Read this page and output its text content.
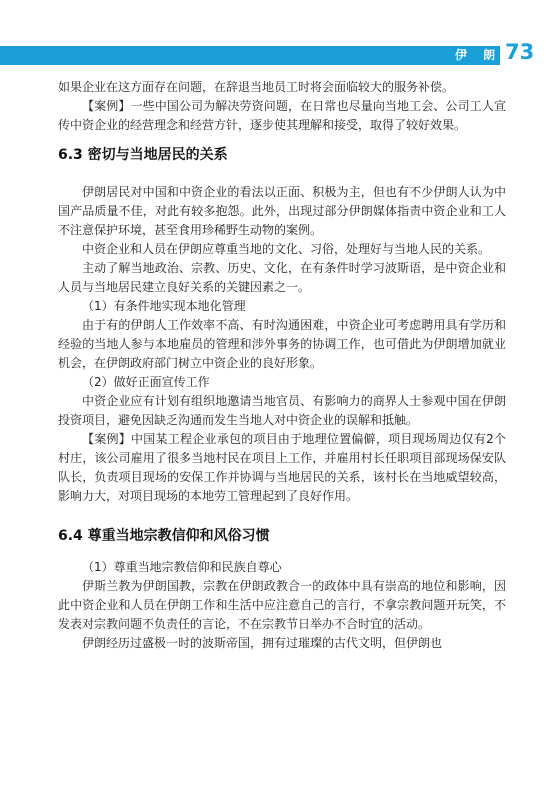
伊 朗 73

如果企业在这方面存在问题，在辞退当地员工时将会面临较大的服务补偿。

【案例】一些中国公司为解决劳资问题，在日常也尽量向当地工会、公司工人宣传中资企业的经营理念和经营方针，逐步使其理解和接受，取得了较好效果。

6.3 密切与当地居民的关系

伊朗居民对中国和中资企业的看法以正面、积极为主，但也有不少伊朗人认为中国产品质量不佳，对此有较多抱怨。此外，出现过部分伊朗媒体指责中资企业和工人不注意保护环境，甚至食用珍稀野生动物的案例。

中资企业和人员在伊朗应尊重当地的文化、习俗，处理好与当地人民的关系。

主动了解当地政治、宗教、历史、文化，在有条件时学习波斯语，是中资企业和人员与当地居民建立良好关系的关键因素之一。

（1）有条件地实现本地化管理

由于有的伊朗人工作效率不高、有时沟通困难，中资企业可考虑聘用具有学历和经验的当地人参与本地雇员的管理和涉外事务的协调工作，也可借此为伊朗增加就业机会，在伊朗政府部门树立中资企业的良好形象。

（2）做好正面宣传工作

中资企业应有计划有组织地邀请当地官员、有影响力的商界人士参观中国在伊朗投资项目，避免因缺乏沟通而发生当地人对中资企业的误解和抵触。

【案例】中国某工程企业承包的项目由于地理位置偏僻，项目现场周边仅有2个村庄，该公司雇用了很多当地村民在项目上工作，并雇用村长任职项目部现场保安队队长，负责项目现场的安保工作并协调与当地居民的关系，该村长在当地威望较高，影响力大，对项目现场的本地劳工管理起到了良好作用。

6.4 尊重当地宗教信仰和风俗习惯

（1）尊重当地宗教信仰和民族自尊心

伊斯兰教为伊朗国教，宗教在伊朗政教合一的政体中具有崇高的地位和影响，因此中资企业和人员在伊朗工作和生活中应注意自己的言行，不拿宗教问题开玩笑，不发表对宗教问题不负责任的言论，不在宗教节日举办不合时宜的活动。

伊朗经历过盛极一时的波斯帝国，拥有过璀璨的古代文明，但伊朗也
